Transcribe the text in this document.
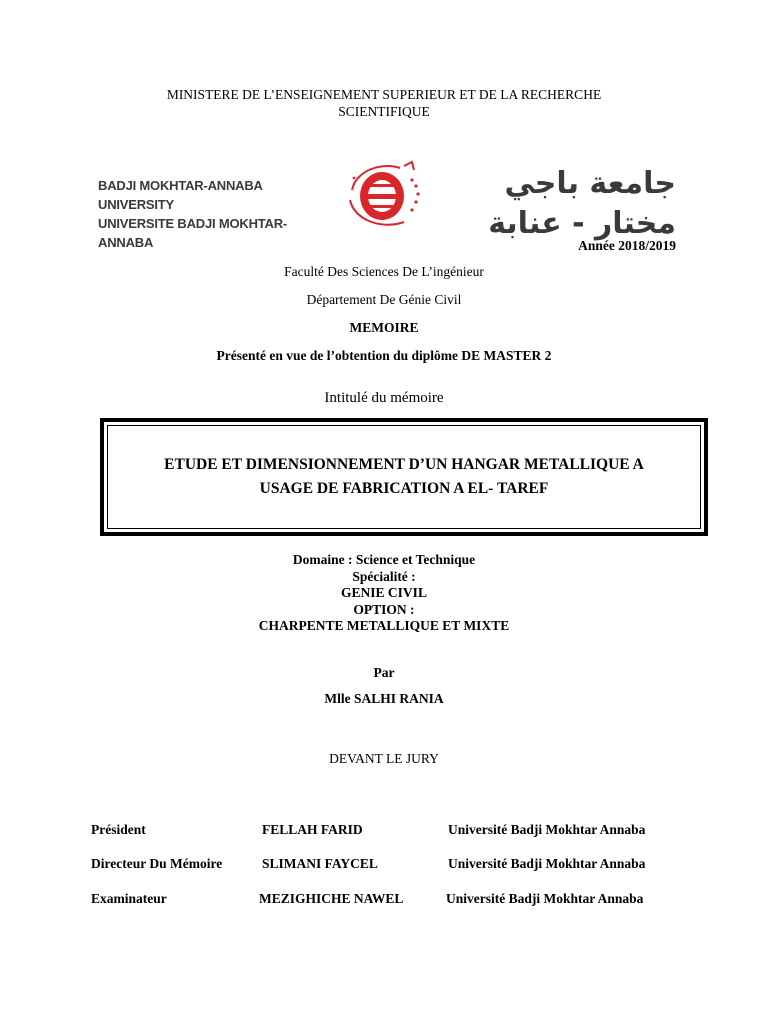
MINISTERE DE L’ENSEIGNEMENT SUPERIEUR ET DE LA RECHERCHE
SCIENTIFIQUE
BADJI MOKHTAR-ANNABA UNIVERSITY
UNIVERSITE BADJI MOKHTAR-ANNABA
جامعة باجي مختار - عنابة
Année 2018/2019
Faculté Des Sciences De L’ingénieur
Département De Génie Civil
MEMOIRE
Présenté en vue de l’obtention du diplôme DE MASTER 2
Intitulé du mémoire
ETUDE ET DIMENSIONNEMENT D’UN HANGAR METALLIQUE A
USAGE DE FABRICATION A EL- TAREF
Domaine : Science et Technique
Spécialité :
GENIE CIVIL
OPTION :
CHARPENTE METALLIQUE ET MIXTE
Par
Mlle SALHI RANIA
DEVANT LE JURY
Président	FELLAH FARID	Université Badji Mokhtar Annaba
Directeur Du Mémoire	SLIMANI FAYCEL	Université Badji Mokhtar Annaba
Examinateur	MEZIGHICHE NAWEL	Université Badji Mokhtar Annaba
